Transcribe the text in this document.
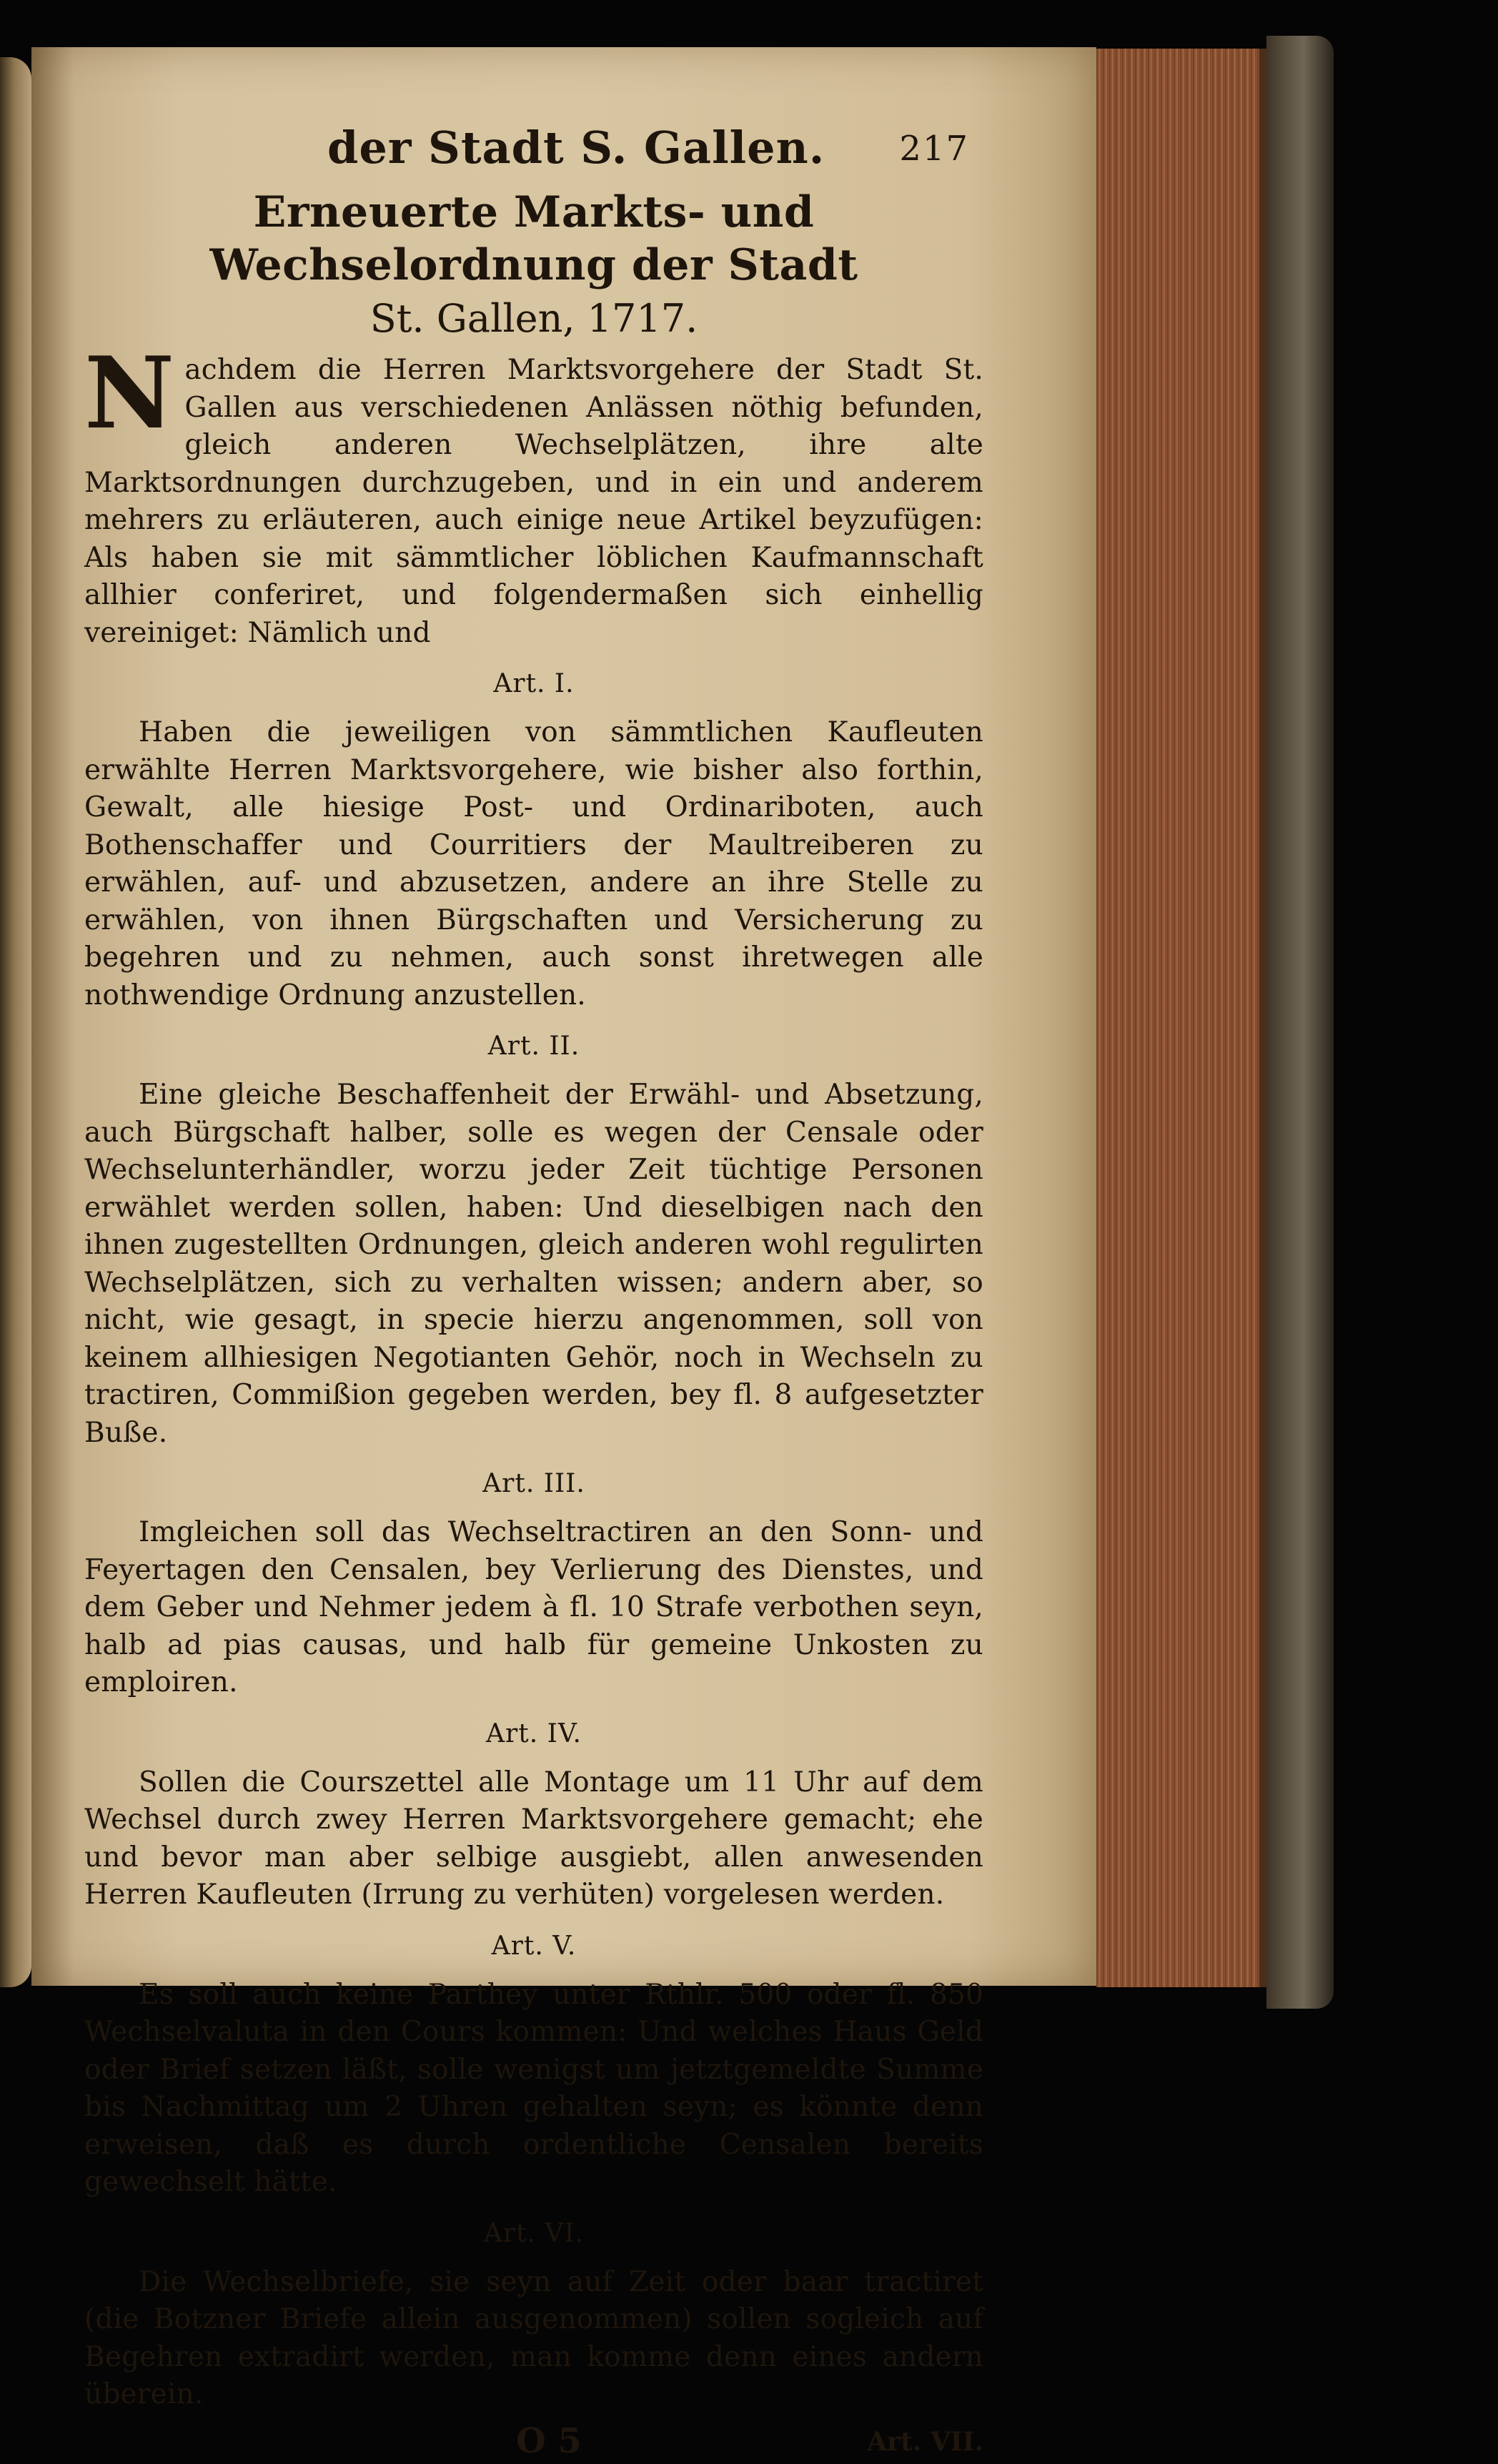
der Stadt S. Gallen. 217
Erneuerte Markts- und Wechselordnung der Stadt
St. Gallen, 1717.

Nachdem die Herren Marktsvorgehere der Stadt St. Gallen aus verschiedenen Anlässen nöthig befunden, gleich anderen Wechselplätzen, ihre alte Marktsordnungen durchzugeben, und in ein und anderem mehrers zu erläuteren, auch einige neue Artikel beyzufügen: Als haben sie mit sämmtlicher löblichen Kaufmannschaft allhier conferiret, und folgendermaßen sich einhellig vereiniget: Nämlich und

Art. I.

Haben die jeweiligen von sämmtlichen Kaufleuten erwählte Herren Marktsvorgehere, wie bisher also forthin, Gewalt, alle hiesige Post- und Ordinariboten, auch Bothenschaffer und Courritiers der Maultreiberen zu erwählen, auf- und abzusetzen, andere an ihre Stelle zu erwählen, von ihnen Bürgschaften und Versicherung zu begehren und zu nehmen, auch sonst ihretwegen alle nothwendige Ordnung anzustellen.

Art. II.

Eine gleiche Beschaffenheit der Erwähl- und Absetzung, auch Bürgschaft halber, solle es wegen der Censale oder Wechselunterhändler, worzu jeder Zeit tüchtige Personen erwählet werden sollen, haben: Und dieselbigen nach den ihnen zugestellten Ordnungen, gleich anderen wohl regulirten Wechselplätzen, sich zu verhalten wissen; andern aber, so nicht, wie gesagt, in specie hierzu angenommen, soll von keinem allhiesigen Negotianten Gehör, noch in Wechseln zu tractiren, Commißion gegeben werden, bey fl. 8 aufgesetzter Buße.

Art. III.

Imgleichen soll das Wechseltractiren an den Sonn- und Feyertagen den Censalen, bey Verlierung des Dienstes, und dem Geber und Nehmer jedem à fl. 10 Strafe verbothen seyn, halb ad pias causas, und halb für gemeine Unkosten zu emploiren.

Art. IV.

Sollen die Courszettel alle Montage um 11 Uhr auf dem Wechsel durch zwey Herren Marktsvorgehere gemacht; ehe und bevor man aber selbige ausgiebt, allen anwesenden Herren Kaufleuten (Irrung zu verhüten) vorgelesen werden.

Art. V.

Es soll auch keine Parthey unter Rthlr. 500 oder fl. 850 Wechselvaluta in den Cours kommen: Und welches Haus Geld oder Brief setzen läßt, solle wenigst um jetztgemeldte Summe bis Nachmittag um 2 Uhren gehalten seyn; es könnte denn erweisen, daß es durch ordentliche Censalen bereits gewechselt hätte.

Art. VI.

Die Wechselbriefe, sie seyn auf Zeit oder baar tractiret (die Botzner Briefe allein ausgenommen) sollen sogleich auf Begehren extradirt werden, man komme denn eines andern überein.

O 5	Art. VII.
